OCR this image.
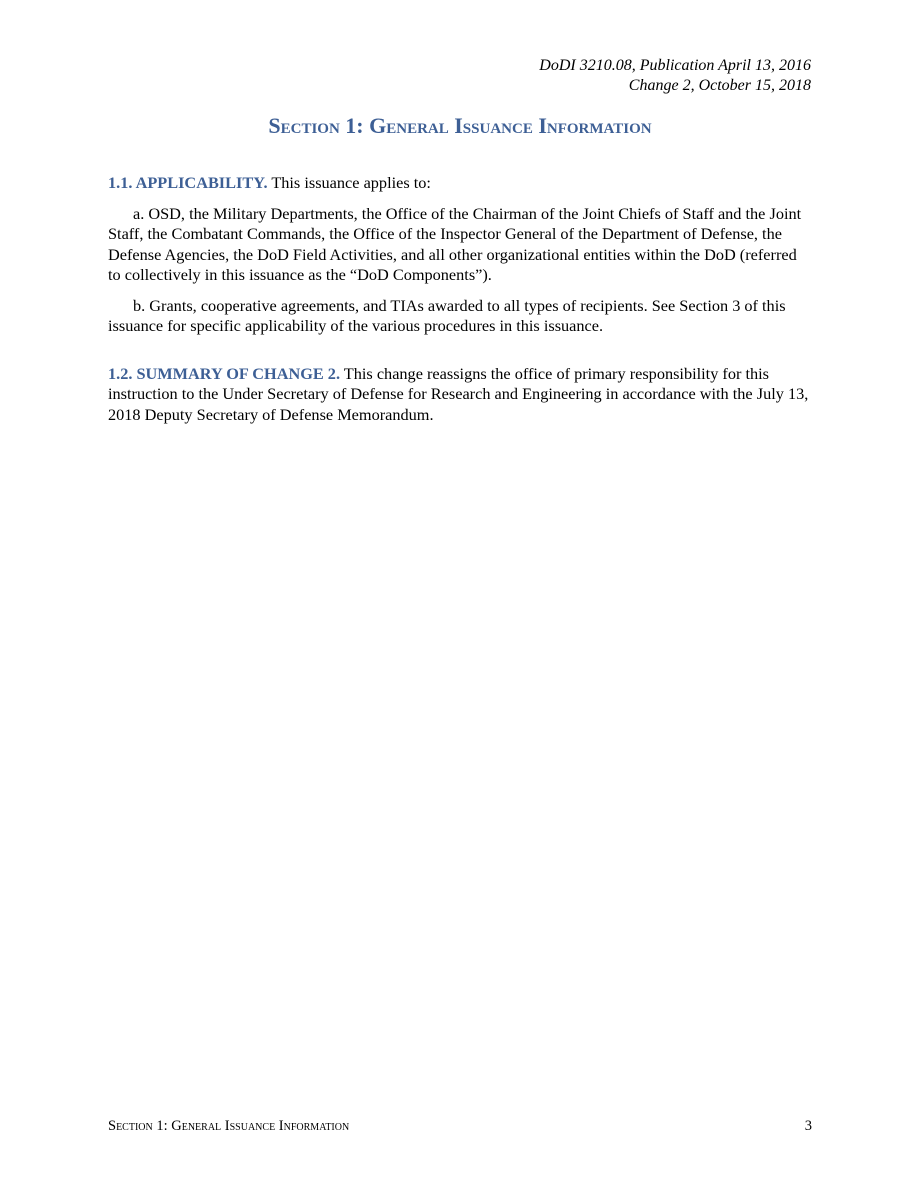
DoDI 3210.08, Publication April 13, 2016
Change 2, October 15, 2018
Section 1: General Issuance Information

1.1. APPLICABILITY. This issuance applies to:

a. OSD, the Military Departments, the Office of the Chairman of the Joint Chiefs of Staff and the Joint Staff, the Combatant Commands, the Office of the Inspector General of the Department of Defense, the Defense Agencies, the DoD Field Activities, and all other organizational entities within the DoD (referred to collectively in this issuance as the “DoD Components”).

b. Grants, cooperative agreements, and TIAs awarded to all types of recipients. See Section 3 of this issuance for specific applicability of the various procedures in this issuance.

1.2. SUMMARY OF CHANGE 2. This change reassigns the office of primary responsibility for this instruction to the Under Secretary of Defense for Research and Engineering in accordance with the July 13, 2018 Deputy Secretary of Defense Memorandum.

Section 1: General Issuance Information	3
